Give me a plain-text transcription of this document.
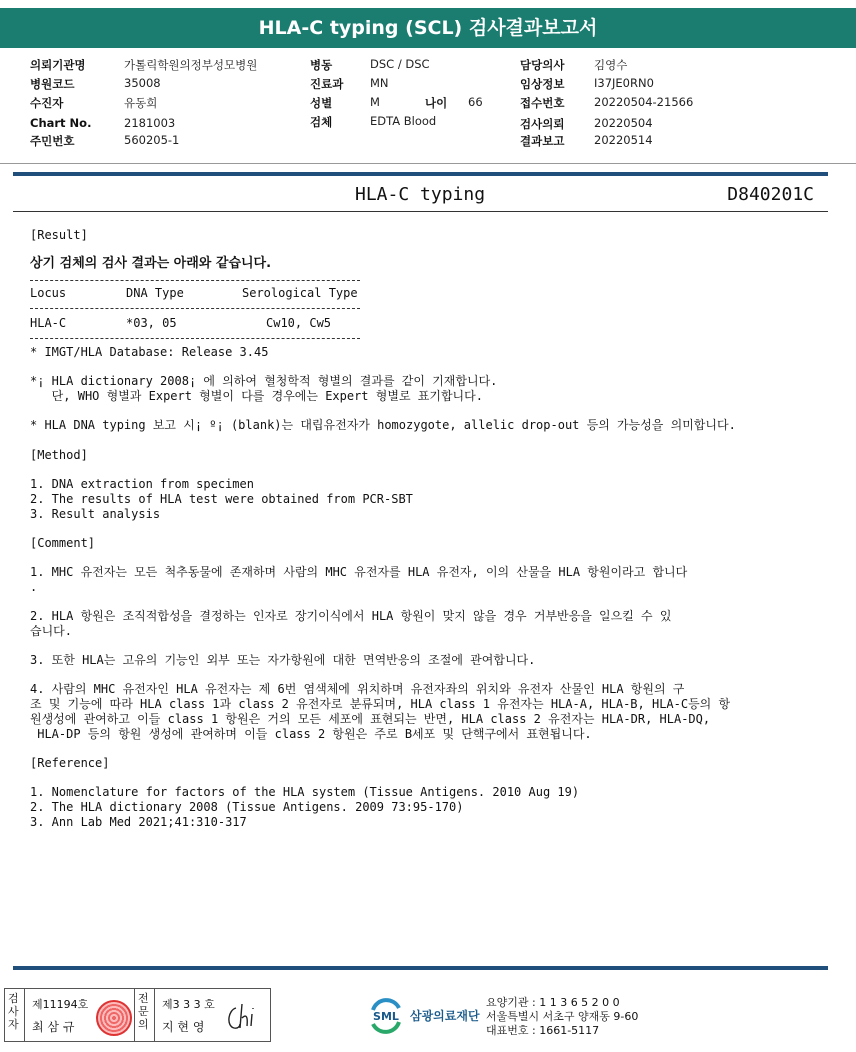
HLA-C typing (SCL) 검사결과보고서
의뢰기관명	가톨릭학원의정부성모병원
병원코드	35008
수진자	유동희
Chart No.	2181003
주민번호	560205-1
병동	DSC / DSC
진료과 MN
성별	M	나이 66
검체	EDTA Blood
담당의사	김영수
임상정보	I37JE0RN0
접수번호	20220504-21566
검사의뢰	20220504
결과보고	20220514
HLA-C typing	D840201C
[Result]
상기 검체의 검사 결과는 아래와 같습니다.
Locus	DNA Type	Serological Type
HLA-C	*03, 05	Cw10, Cw5
* IMGT/HLA Database: Release 3.45
*¡ HLA dictionary 2008¡ 에 의하여 혈청학적 형별의 결과를 같이 기재합니다.
단, WHO 형별과 Expert 형별이 다를 경우에는 Expert 형별로 표기합니다.
* HLA DNA typing 보고 시¡ º¡ (blank)는 대립유전자가 homozygote, allelic drop-out 등의 가능성을 의미합니다.
[Method]
1. DNA extraction from specimen
2. The results of HLA test were obtained from PCR-SBT
3. Result analysis
[Comment]
1. MHC 유전자는 모든 척추동물에 존재하며 사람의 MHC 유전자를 HLA 유전자, 이의 산물을 HLA 항원이라고 합니다
.
2. HLA 항원은 조직적합성을 결정하는 인자로 장기이식에서 HLA 항원이 맞지 않을 경우 거부반응을 일으킬 수 있
습니다.
3. 또한 HLA는 고유의 기능인 외부 또는 자가항원에 대한 면역반응의 조절에 관여합니다.
4. 사람의 MHC 유전자인 HLA 유전자는 제 6번 염색체에 위치하며 유전자좌의 위치와 유전자 산물인 HLA 항원의 구
조 및 기능에 따라 HLA class 1과 class 2 유전자로 분류되며, HLA class 1 유전자는 HLA-A, HLA-B, HLA-C등의 항
원생성에 관여하고 이들 class 1 항원은 거의 모든 세포에 표현되는 반면, HLA class 2 유전자는 HLA-DR, HLA-DQ,
HLA-DP 등의 항원 생성에 관여하며 이들 class 2 항원은 주로 B세포 및 단핵구에서 표현됩니다.
[Reference]
1. Nomenclature for factors of the HLA system (Tissue Antigens. 2010 Aug 19)
2. The HLA dictionary 2008 (Tissue Antigens. 2009 73:95-170)
3. Ann Lab Med 2021;41:310-317
검사자
제11194호
최 삼 규
전문의
제3 3 3 호
지 현 영
SML 삼광의료재단
요양기관 : 1 1 3 6 5 2 0 0
서울특별시 서초구 양재동 9-60
대표번호 : 1661-5117
